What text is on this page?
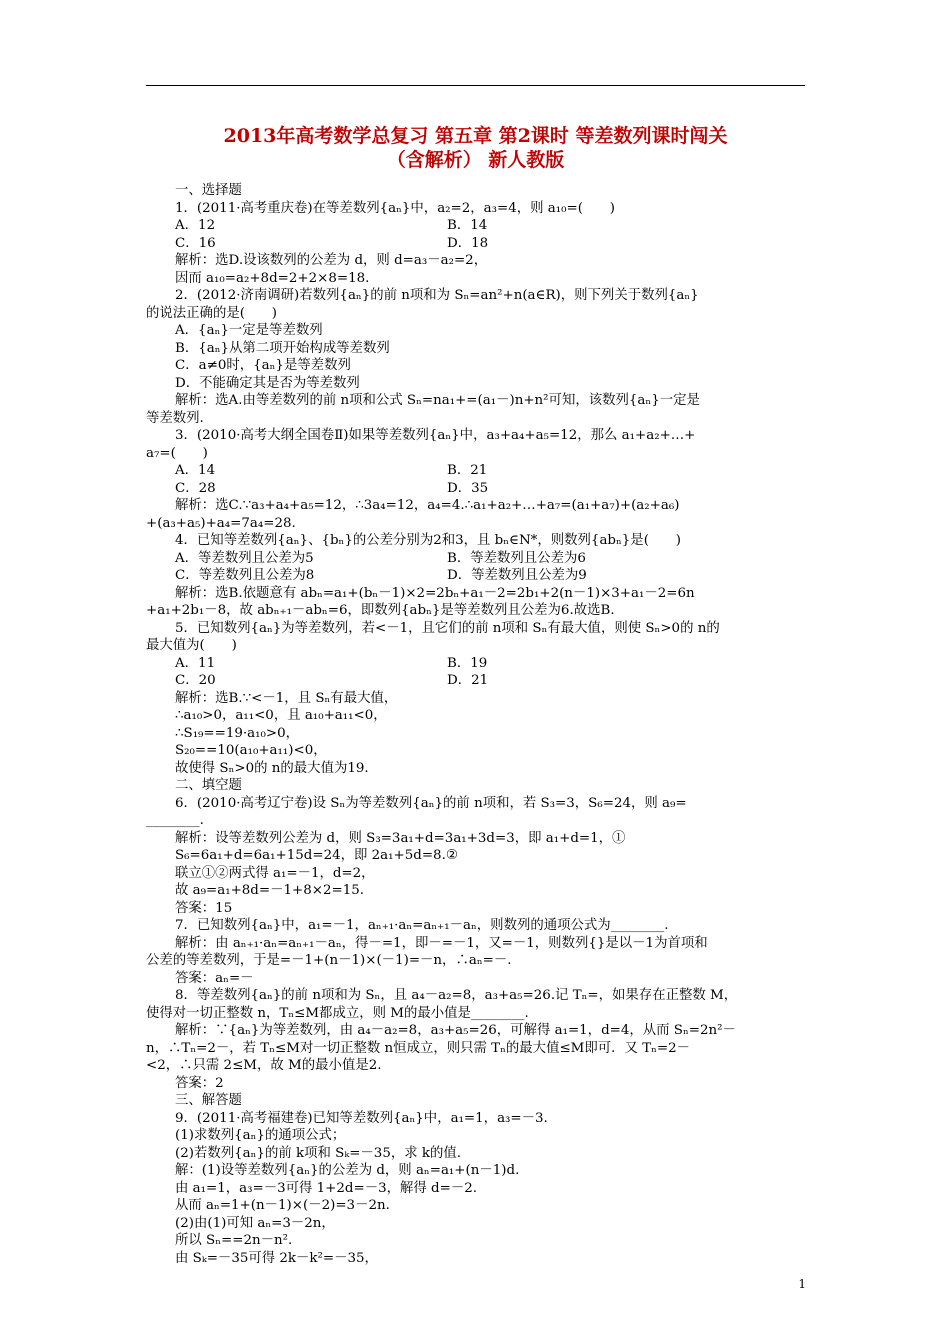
2013年高考数学总复习 第五章 第2课时 等差数列课时闯关
（含解析） 新人教版
一、选择题
1．(2011·高考重庆卷)在等差数列{aₙ}中，a₂=2，a₃=4，则 a₁₀=(　　)
A．12	B．14
C．16	D．18
解析：选D.设该数列的公差为 d，则 d=a₃－a₂=2，
因而 a₁₀=a₂+8d=2+2×8=18.
2．(2012·济南调研)若数列{aₙ}的前 n项和为 Sₙ=an²+n(a∈R)，则下列关于数列{aₙ}
的说法正确的是(　　)
A．{aₙ}一定是等差数列
B．{aₙ}从第二项开始构成等差数列
C．a≠0时，{aₙ}是等差数列
D．不能确定其是否为等差数列
解析：选A.由等差数列的前 n项和公式 Sₙ=na₁+=(a₁－)n+n²可知，该数列{aₙ}一定是
等差数列.
3．(2010·高考大纲全国卷Ⅱ)如果等差数列{aₙ}中，a₃+a₄+a₅=12，那么 a₁+a₂+…+
a₇=(　　)
A．14	B．21
C．28	D．35
解析：选C.∵a₃+a₄+a₅=12，∴3a₄=12，a₄=4.∴a₁+a₂+…+a₇=(a₁+a₇)+(a₂+a₆)
+(a₃+a₅)+a₄=7a₄=28.
4．已知等差数列{aₙ}、{bₙ}的公差分别为2和3，且 bₙ∈N*，则数列{abₙ}是(　　)
A．等差数列且公差为5	B．等差数列且公差为6
C．等差数列且公差为8	D．等差数列且公差为9
解析：选B.依题意有 abₙ=a₁+(bₙ－1)×2=2bₙ+a₁－2=2b₁+2(n－1)×3+a₁－2=6n
+a₁+2b₁－8，故 abₙ₊₁－abₙ=6，即数列{abₙ}是等差数列且公差为6.故选B.
5．已知数列{aₙ}为等差数列，若<－1，且它们的前 n项和 Sₙ有最大值，则使 Sₙ>0的 n的
最大值为(　　)
A．11	B．19
C．20	D．21
解析：选B.∵<－1，且 Sₙ有最大值，
∴a₁₀>0，a₁₁<0，且 a₁₀+a₁₁<0，
∴S₁₉==19·a₁₀>0，
S₂₀==10(a₁₀+a₁₁)<0，
故使得 Sₙ>0的 n的最大值为19.
二、填空题
6．(2010·高考辽宁卷)设 Sₙ为等差数列{aₙ}的前 n项和，若 S₃=3，S₆=24，则 a₉=
________.
解析：设等差数列公差为 d，则 S₃=3a₁+d=3a₁+3d=3，即 a₁+d=1，①
S₆=6a₁+d=6a₁+15d=24，即 2a₁+5d=8.②
联立①②两式得 a₁=－1，d=2，
故 a₉=a₁+8d=－1+8×2=15.
答案：15
7．已知数列{aₙ}中，a₁=－1，aₙ₊₁·aₙ=aₙ₊₁－aₙ，则数列的通项公式为________.
解析：由 aₙ₊₁·aₙ=aₙ₊₁－aₙ，得－=1，即－=－1，又=－1，则数列{}是以－1为首项和
公差的等差数列，于是=－1+(n－1)×(－1)=－n，∴aₙ=－.
答案：aₙ=－
8．等差数列{aₙ}的前 n项和为 Sₙ，且 a₄－a₂=8，a₃+a₅=26.记 Tₙ=，如果存在正整数 M，
使得对一切正整数 n，Tₙ≤M都成立，则 M的最小值是________.
解析：∵{aₙ}为等差数列，由 a₄－a₂=8，a₃+a₅=26，可解得 a₁=1，d=4，从而 Sₙ=2n²－
n，∴Tₙ=2－，若 Tₙ≤M对一切正整数 n恒成立，则只需 Tₙ的最大值≤M即可．又 Tₙ=2－
<2，∴只需 2≤M，故 M的最小值是2.
答案：2
三、解答题
9．(2011·高考福建卷)已知等差数列{aₙ}中，a₁=1，a₃=－3.
(1)求数列{aₙ}的通项公式；
(2)若数列{aₙ}的前 k项和 Sₖ=－35，求 k的值.
解：(1)设等差数列{aₙ}的公差为 d，则 aₙ=a₁+(n－1)d.
由 a₁=1，a₃=－3可得 1+2d=－3，解得 d=－2.
从而 aₙ=1+(n－1)×(－2)=3－2n.
(2)由(1)可知 aₙ=3－2n，
所以 Sₙ==2n－n².
由 Sₖ=－35可得 2k－k²=－35，
1
